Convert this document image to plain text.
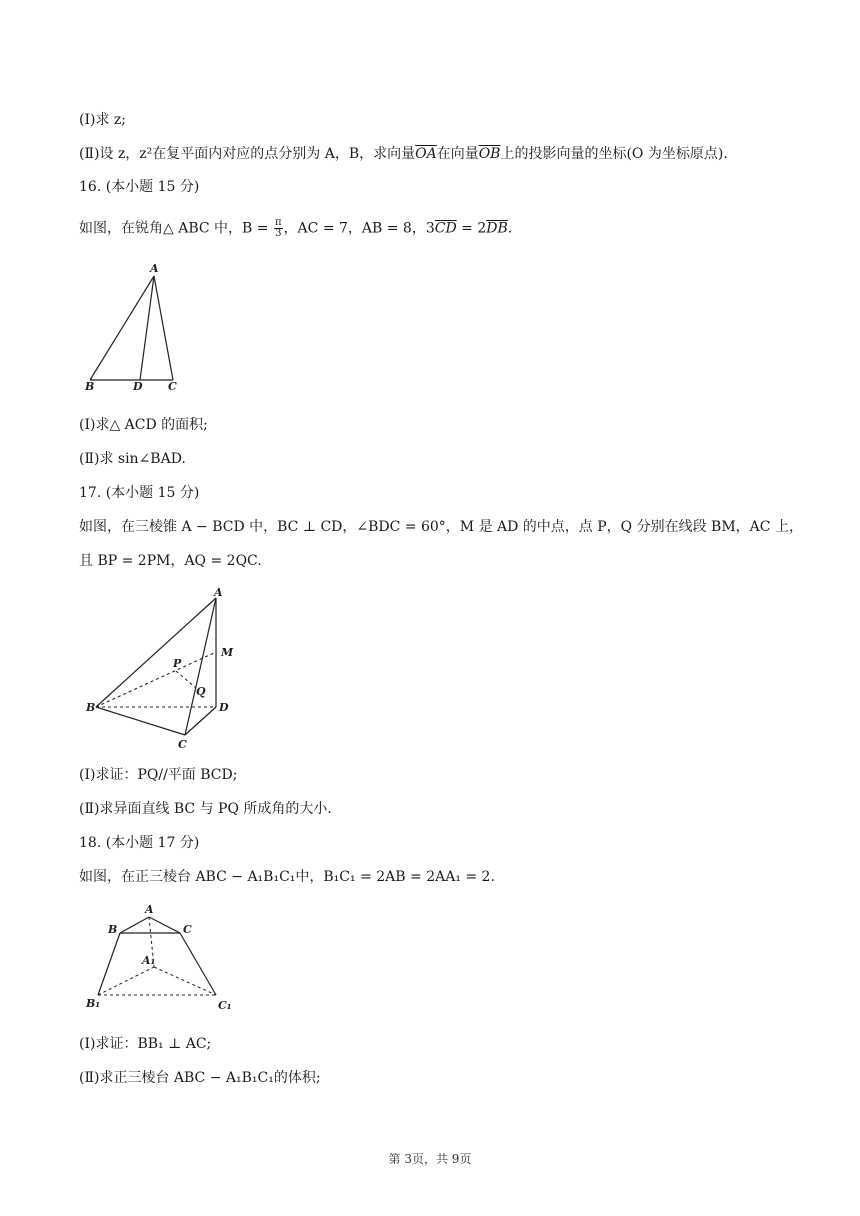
(Ⅰ)求 z;
(Ⅱ)设 z，z²在复平面内对应的点分别为 A，B，求向量$\overline{OA}$在向量$\overline{OB}$上的投影向量的坐标(O 为坐标原点).
16. (本小题 15 分)
如图，在锐角△ ABC 中，$B = \frac{\pi}{3}$ ，AC = 7，AB = 8，$3\overline{CD} = 2\overline{DB}$.
A
B	D C
(Ⅰ)求△ ACD 的面积;
(Ⅱ)求 sin∠BAD.
17. (本小题 15 分)
如图，在三棱锥 A − BCD 中，BC ⊥ CD，∠BDC = 60°，M 是 AD 的中点，点 P，Q 分别在线段 BM，AC 上，
且 BP = 2PM，AQ = 2QC.
A
M
P
Q
B	D
C
(Ⅰ)求证：PQ//平面 BCD;
(Ⅱ)求异面直线 BC 与 PQ 所成角的大小.
18. (本小题 17 分)
如图，在正三棱台 ABC − A₁B₁C₁中，B₁C₁ = 2AB = 2AA₁ = 2.
A
B	C
A₁
B₁	C₁
(Ⅰ)求证：BB₁ ⊥ AC;
(Ⅱ)求正三棱台 ABC − A₁B₁C₁的体积;
第 3页，共 9页
